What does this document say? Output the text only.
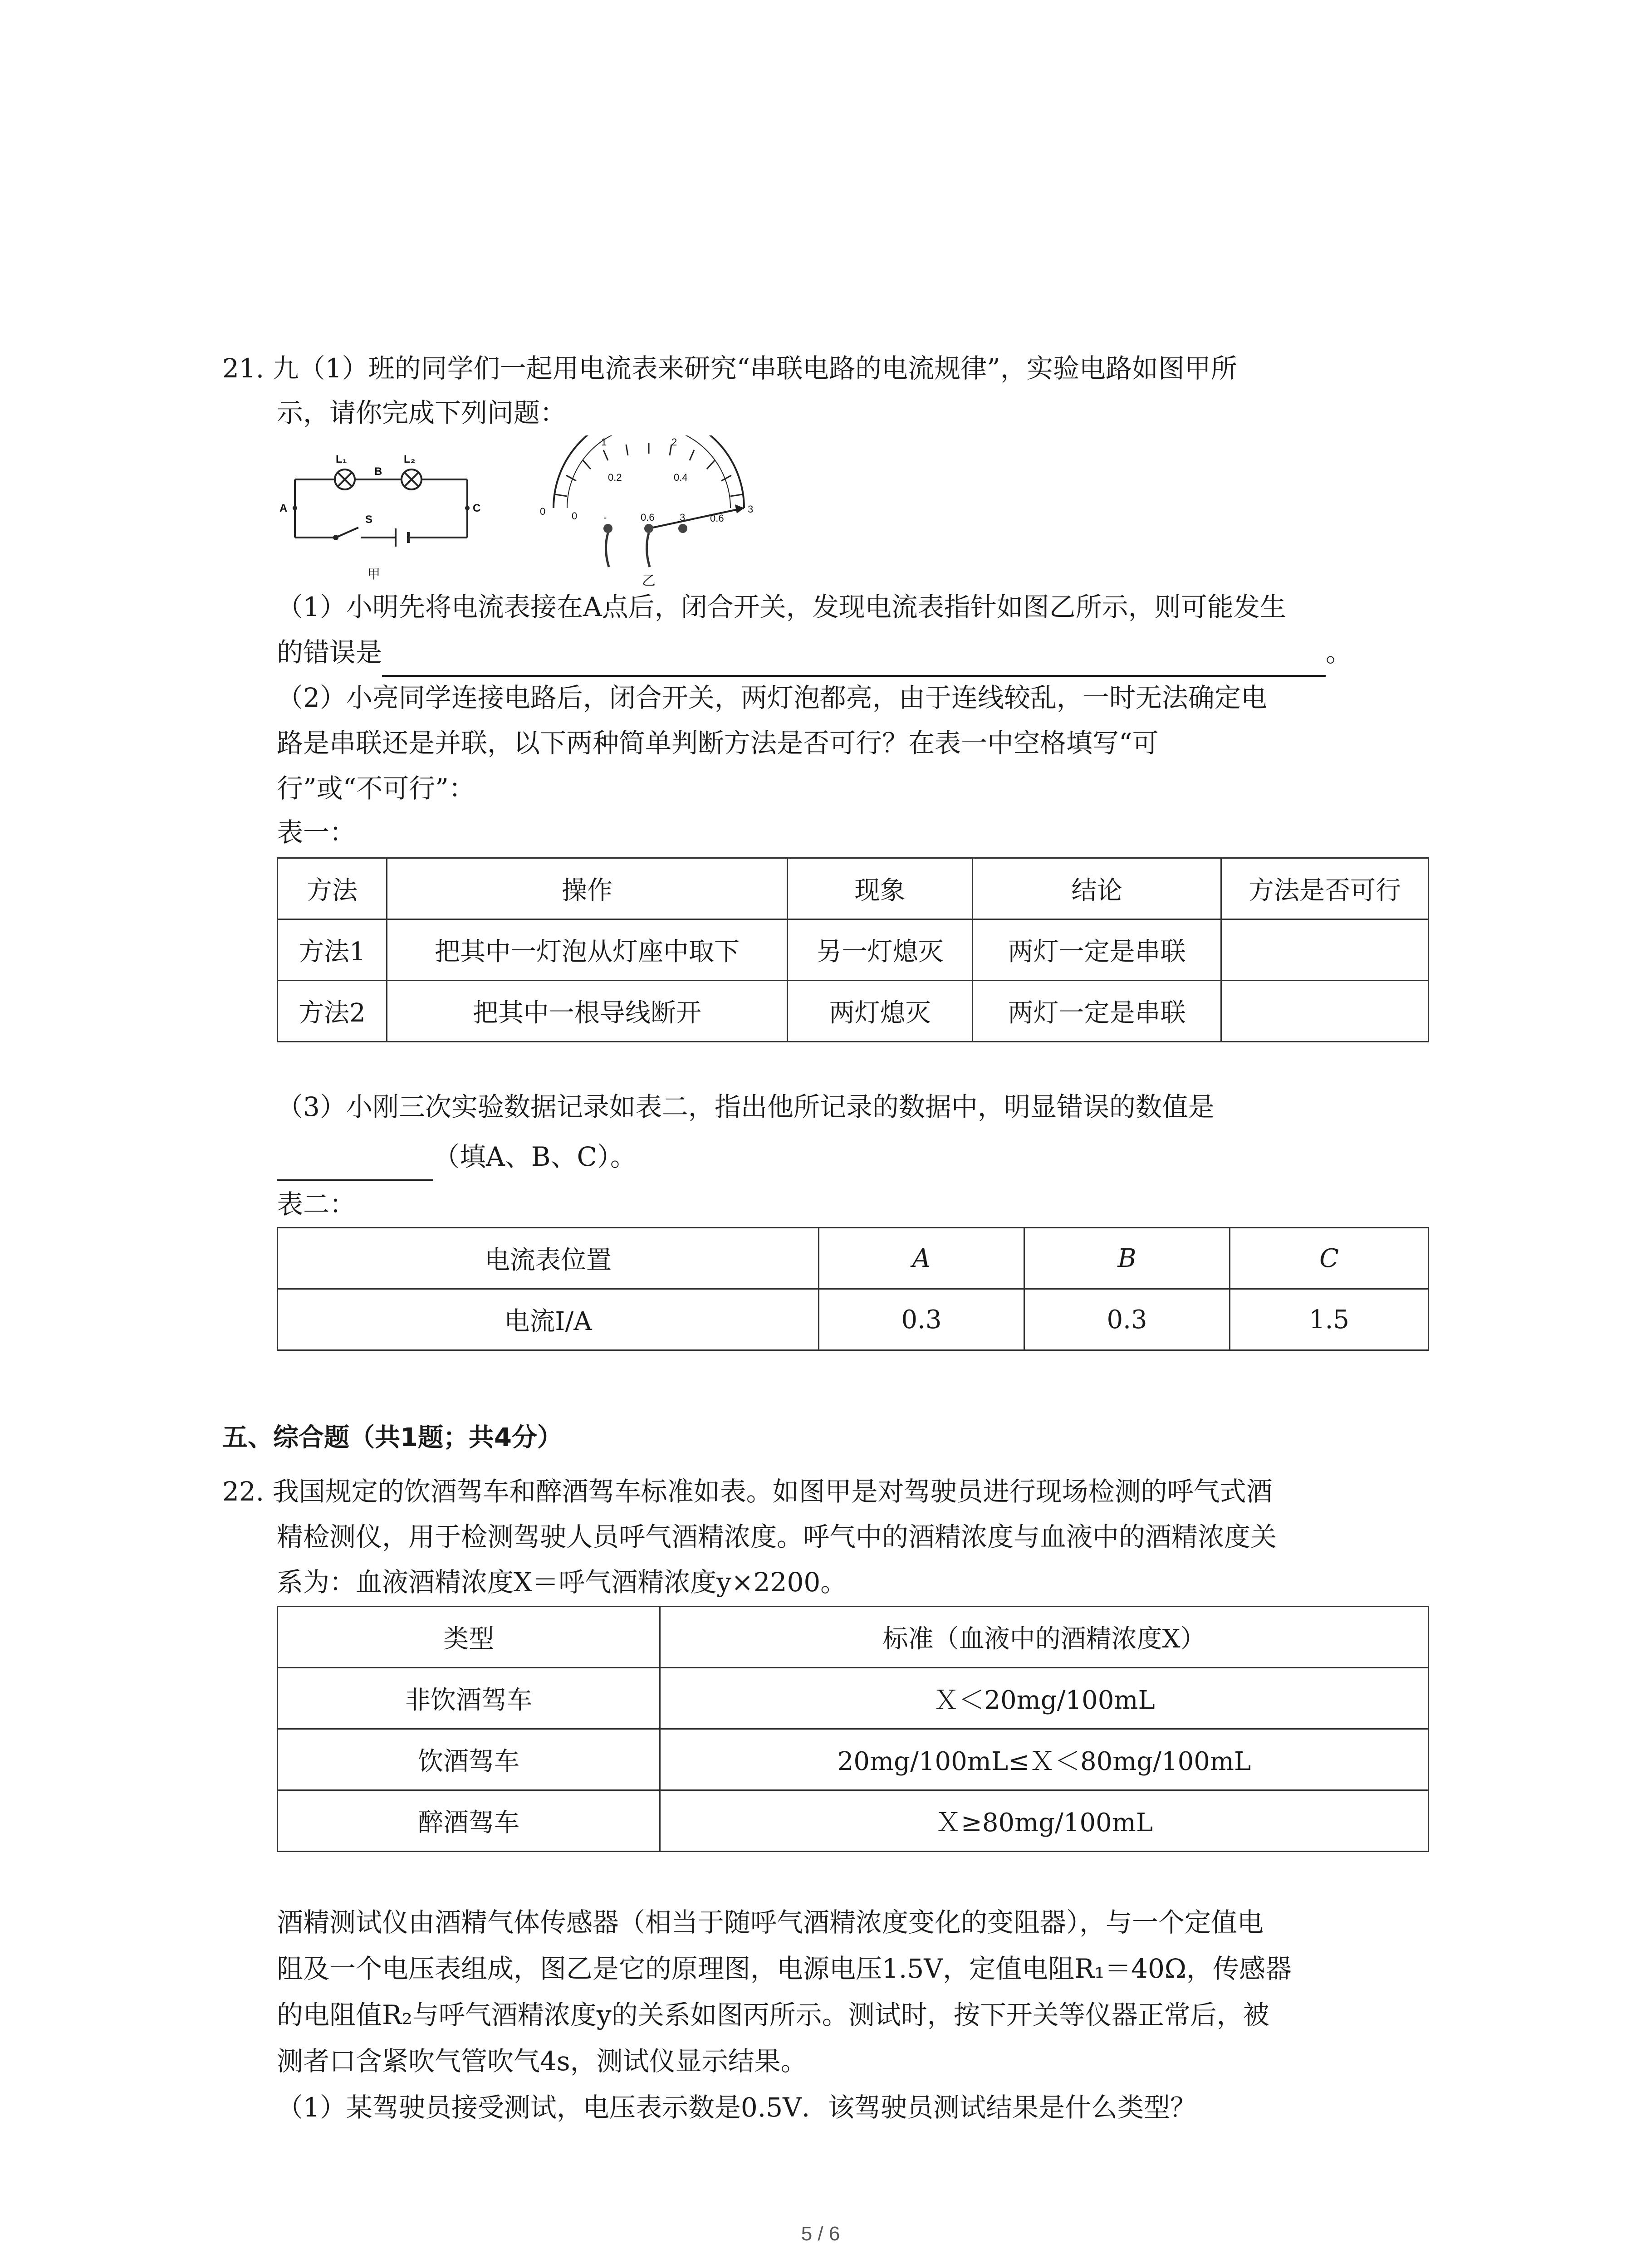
21. 九（1）班的同学们一起用电流表来研究“串联电路的电流规律”，实验电路如图甲所
示，请你完成下列问题：
L₁
B
L₂
A	C
S
甲
0
1	2
3
0
0.2	0.4
0.6
-	0.6	3
乙
（1）小明先将电流表接在A点后，闭合开关，发现电流表指针如图乙所示，则可能发生
的错误是	。
（2）小亮同学连接电路后，闭合开关，两灯泡都亮，由于连线较乱，一时无法确定电
路是串联还是并联，以下两种简单判断方法是否可行？在表一中空格填写“可
行”或“不可行”：
表一：
方法	操作	现象	结论	方法是否可行
方法1	把其中一灯泡从灯座中取下	另一灯熄灭	两灯一定是串联	
方法2	把其中一根导线断开	两灯熄灭	两灯一定是串联	
（3）小刚三次实验数据记录如表二，指出他所记录的数据中，明显错误的数值是
（填A、B、C）。
表二：
电流表位置	A	B	C
电流I/A	0.3	0.3	1.5
五、综合题（共1题；共4分）
22. 我国规定的饮酒驾车和醉酒驾车标准如表。如图甲是对驾驶员进行现场检测的呼气式酒
精检测仪，用于检测驾驶人员呼气酒精浓度。呼气中的酒精浓度与血液中的酒精浓度关
系为：血液酒精浓度X＝呼气酒精浓度y×2200。
类型	标准（血液中的酒精浓度X）
非饮酒驾车	Ｘ＜20mg/100mL
饮酒驾车	20mg/100mL≤Ｘ＜80mg/100mL
醉酒驾车	Ｘ≥80mg/100mL
酒精测试仪由酒精气体传感器（相当于随呼气酒精浓度变化的变阻器），与一个定值电
阻及一个电压表组成，图乙是它的原理图，电源电压1.5V，定值电阻R₁＝40Ω，传感器
的电阻值R₂与呼气酒精浓度y的关系如图丙所示。测试时，按下开关等仪器正常后，被
测者口含紧吹气管吹气4s，测试仪显示结果。
（1）某驾驶员接受测试，电压表示数是0.5V．该驾驶员测试结果是什么类型？
5 / 6
